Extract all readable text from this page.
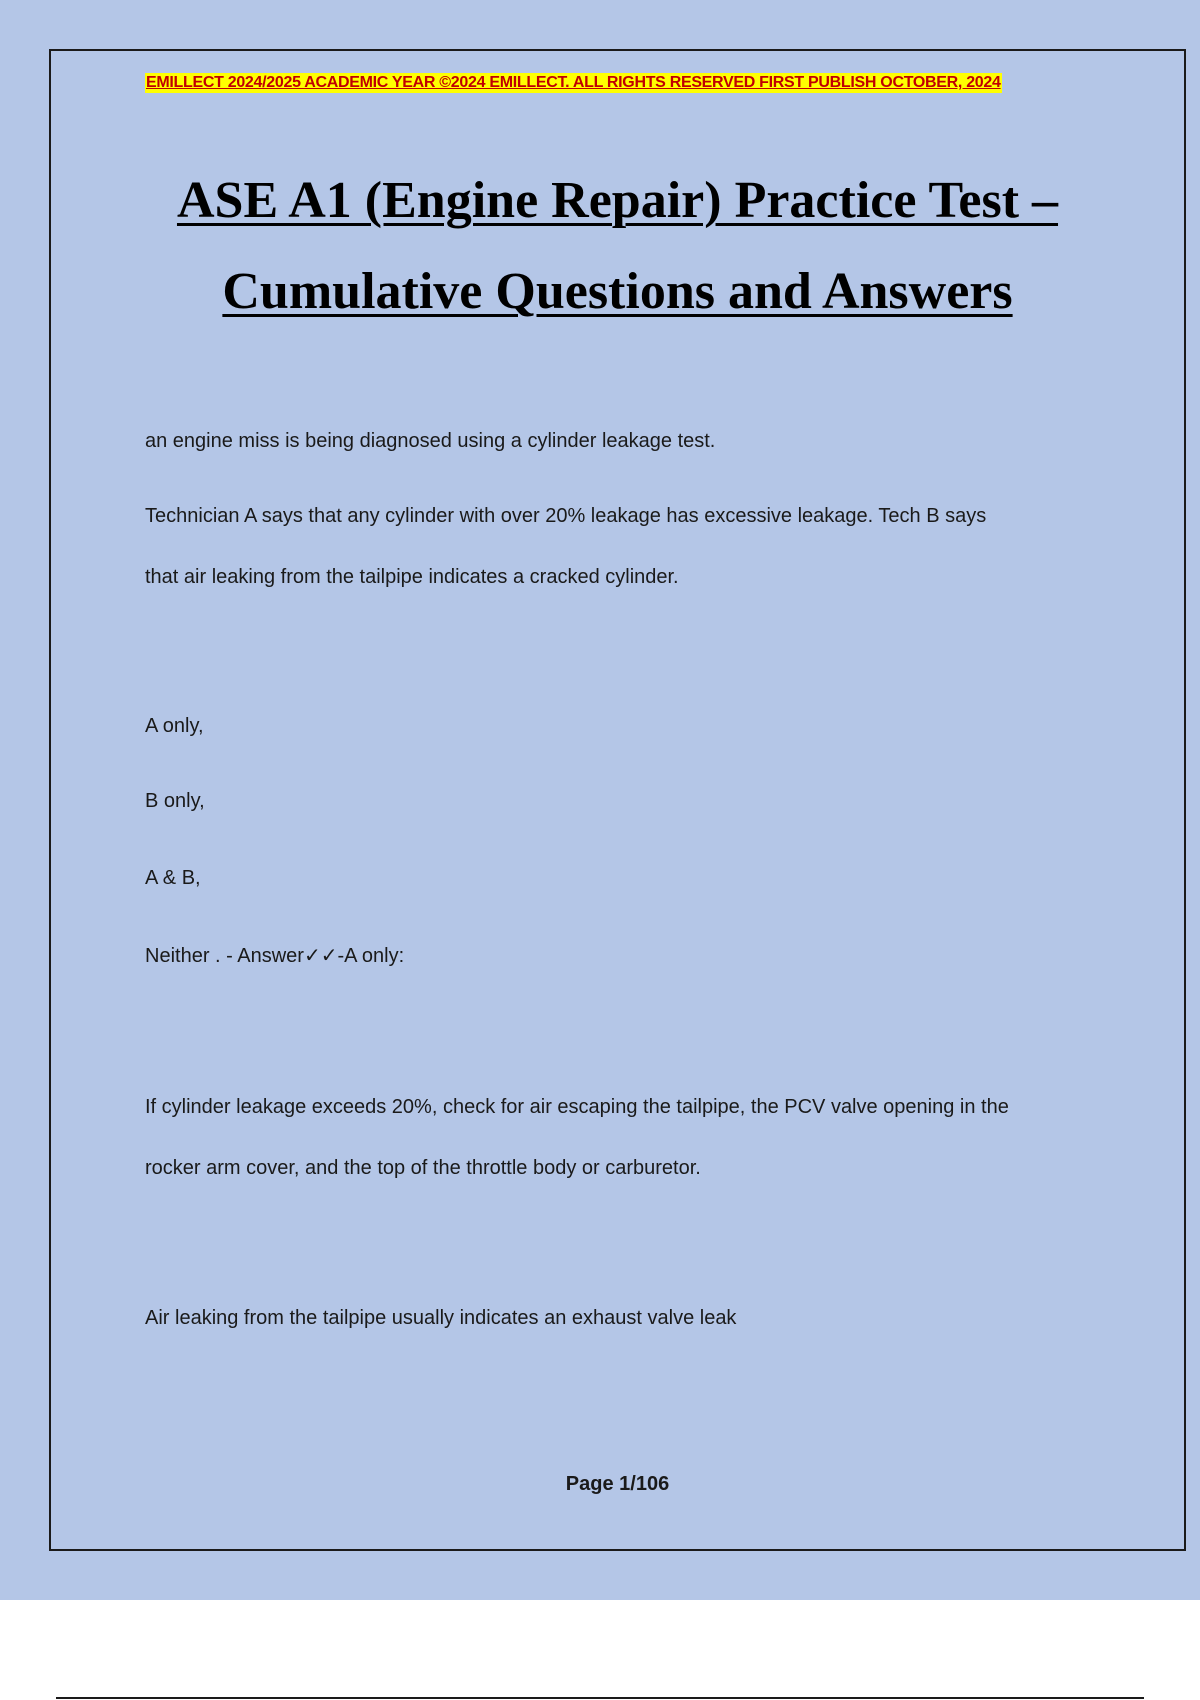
EMILLECT 2024/2025 ACADEMIC YEAR ©2024 EMILLECT. ALL RIGHTS RESERVED FIRST PUBLISH OCTOBER, 2024
ASE A1 (Engine Repair) Practice Test –
Cumulative Questions and Answers
an engine miss is being diagnosed using a cylinder leakage test.
Technician A says that any cylinder with over 20% leakage has excessive leakage. Tech B says
that air leaking from the tailpipe indicates a cracked cylinder.
A only,
B only,
A & B,
Neither . - Answer✓✓-A only:
If cylinder leakage exceeds 20%, check for air escaping the tailpipe, the PCV valve opening in the
rocker arm cover, and the top of the throttle body or carburetor.
Air leaking from the tailpipe usually indicates an exhaust valve leak
Page 1/106
